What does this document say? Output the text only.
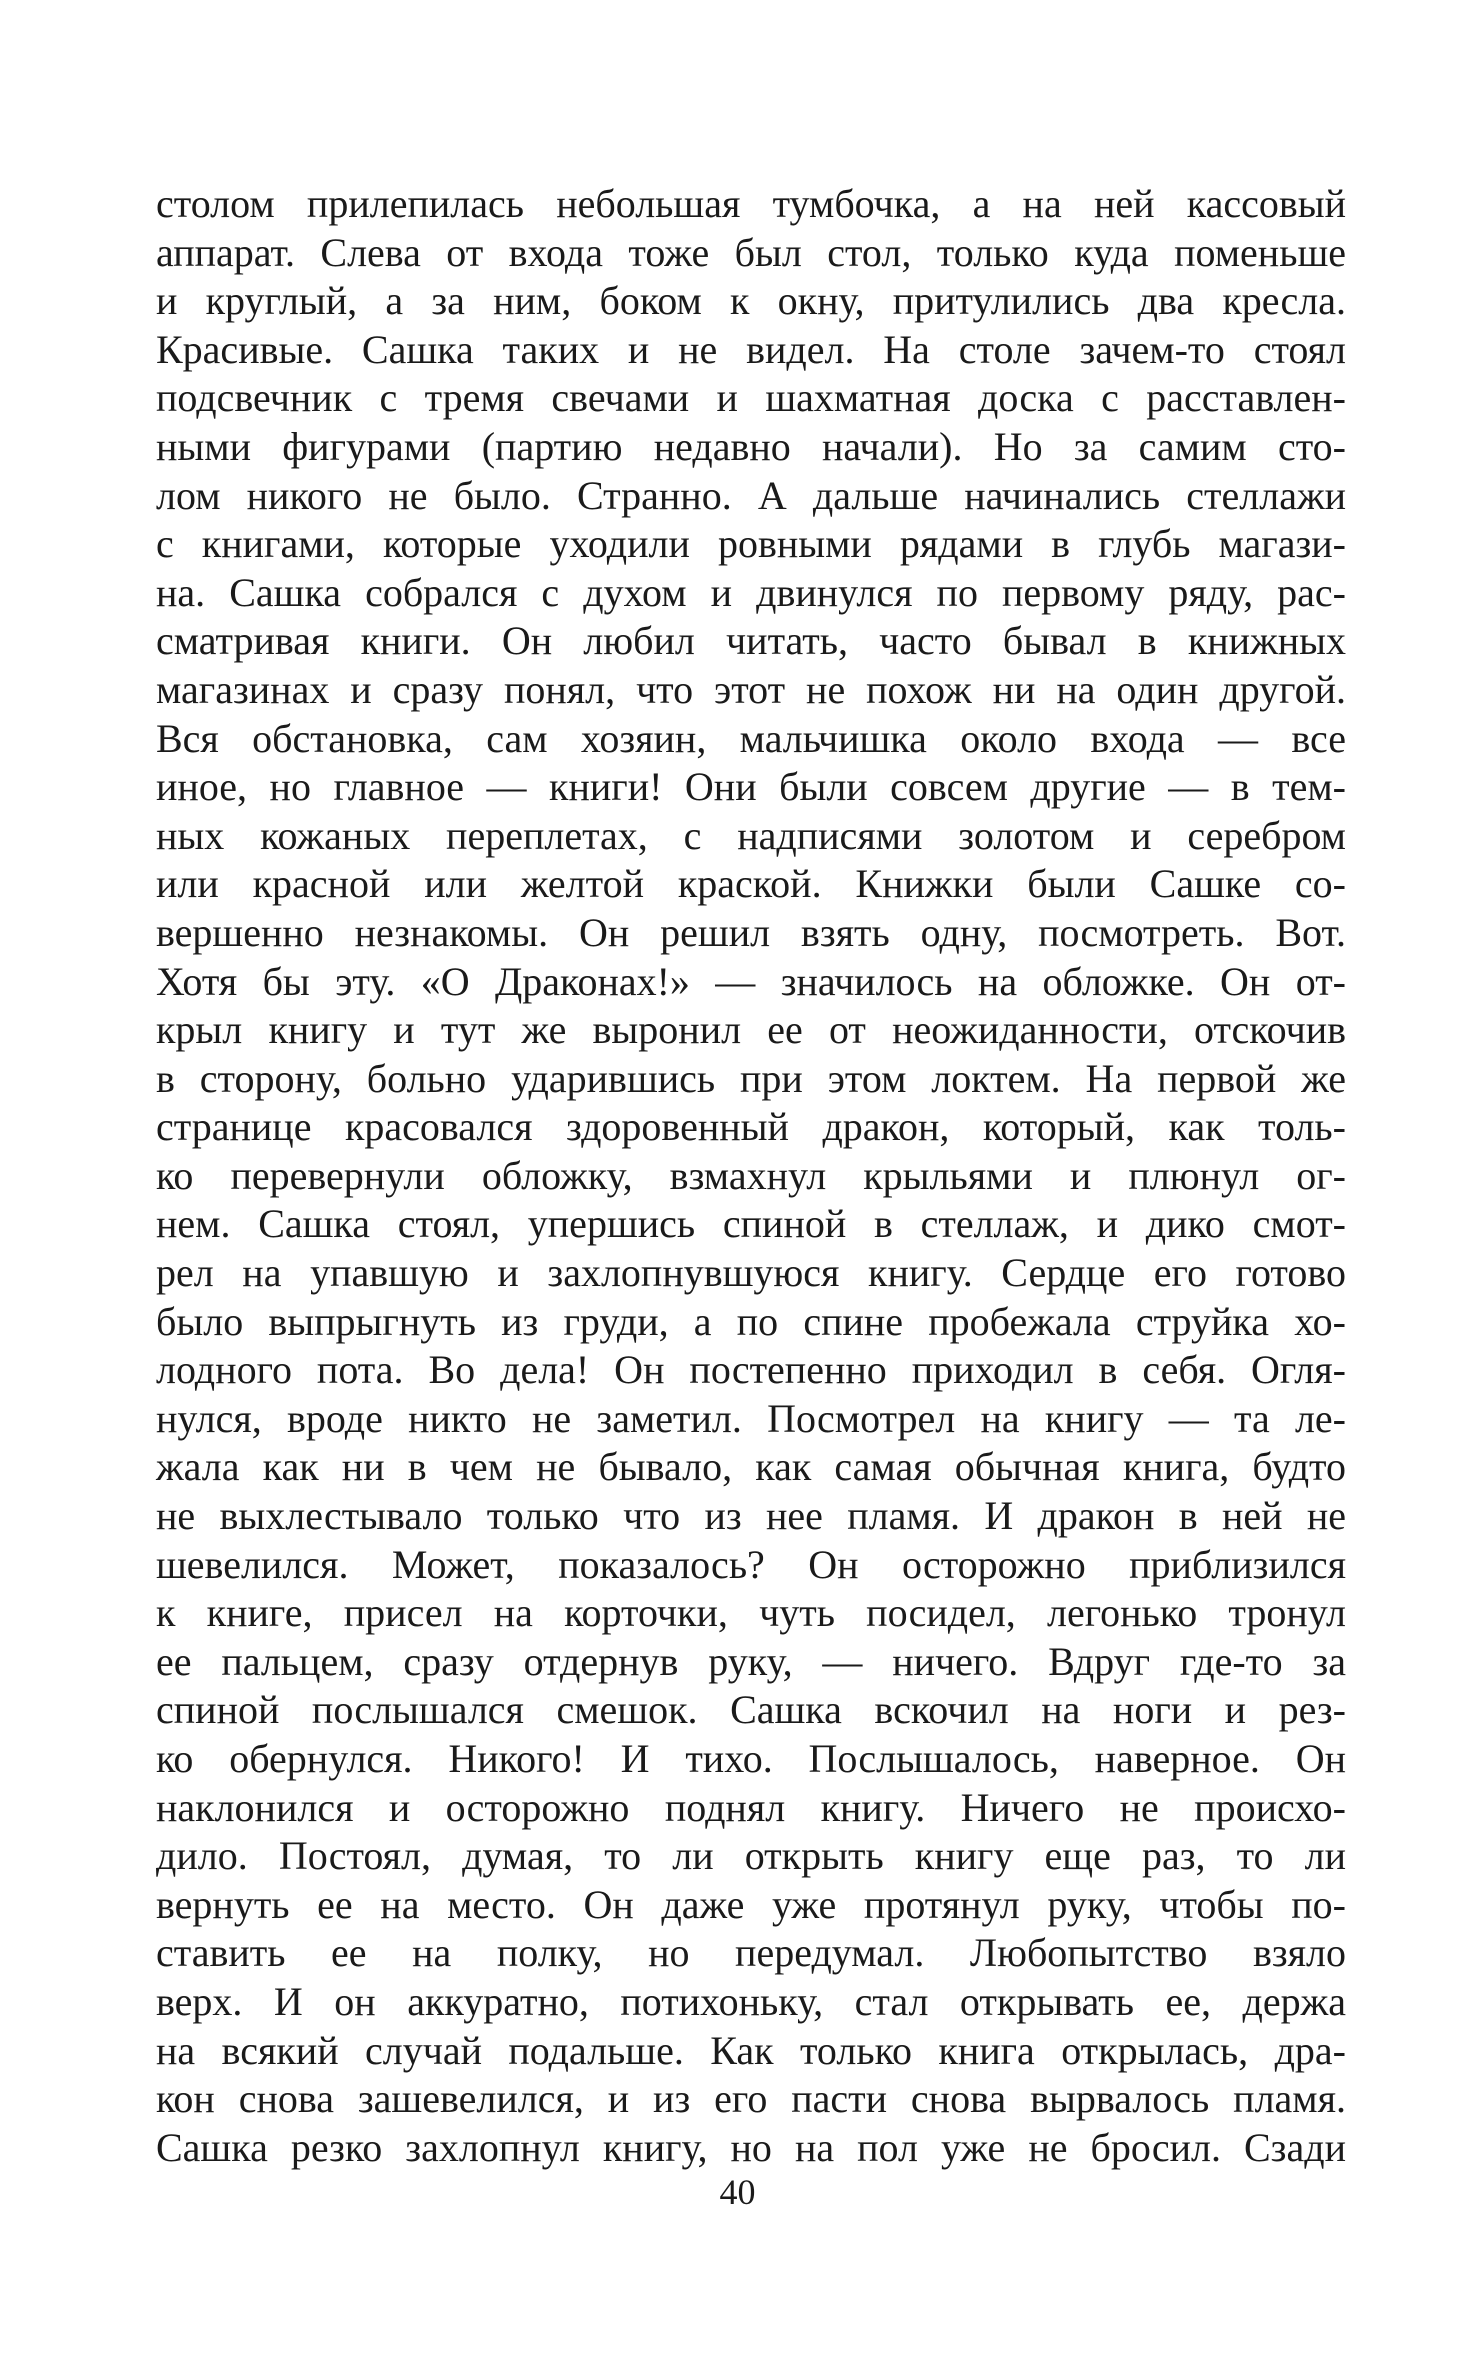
столом прилепилась небольшая тумбочка, а на ней кассовый
аппарат. Слева от входа тоже был стол, только куда поменьше
и круглый, а за ним, боком к окну, притулились два кресла.
Красивые. Сашка таких и не видел. На столе зачем-то стоял
подсвечник с тремя свечами и шахматная доска с расставлен-
ными фигурами (партию недавно начали). Но за самим сто-
лом никого не было. Странно. А дальше начинались стеллажи
с книгами, которые уходили ровными рядами в глубь магази-
на. Сашка собрался с духом и двинулся по первому ряду, рас-
сматривая книги. Он любил читать, часто бывал в книжных
магазинах и сразу понял, что этот не похож ни на один другой.
Вся обстановка, сам хозяин, мальчишка около входа — все
иное, но главное — книги! Они были совсем другие — в тем-
ных кожаных переплетах, с надписями золотом и серебром
или красной или желтой краской. Книжки были Сашке со-
вершенно незнакомы. Он решил взять одну, посмотреть. Вот.
Хотя бы эту. «О Драконах!» — значилось на обложке. Он от-
крыл книгу и тут же выронил ее от неожиданности, отскочив
в сторону, больно ударившись при этом локтем. На первой же
странице красовался здоровенный дракон, который, как толь-
ко перевернули обложку, взмахнул крыльями и плюнул ог-
нем. Сашка стоял, упершись спиной в стеллаж, и дико смот-
рел на упавшую и захлопнувшуюся книгу. Сердце его готово
было выпрыгнуть из груди, а по спине пробежала струйка хо-
лодного пота. Во дела! Он постепенно приходил в себя. Огля-
нулся, вроде никто не заметил. Посмотрел на книгу — та ле-
жала как ни в чем не бывало, как самая обычная книга, будто
не выхлестывало только что из нее пламя. И дракон в ней не
шевелился. Может, показалось? Он осторожно приблизился
к книге, присел на корточки, чуть посидел, легонько тронул
ее пальцем, сразу отдернув руку, — ничего. Вдруг где-то за
спиной послышался смешок. Сашка вскочил на ноги и рез-
ко обернулся. Никого! И тихо. Послышалось, наверное. Он
наклонился и осторожно поднял книгу. Ничего не происхо-
дило. Постоял, думая, то ли открыть книгу еще раз, то ли
вернуть ее на место. Он даже уже протянул руку, чтобы по-
ставить ее на полку, но передумал. Любопытство взяло
верх. И он аккуратно, потихоньку, стал открывать ее, держа
на всякий случай подальше. Как только книга открылась, дра-
кон снова зашевелился, и из его пасти снова вырвалось пламя.
Сашка резко захлопнул книгу, но на пол уже не бросил. Сзади
40
